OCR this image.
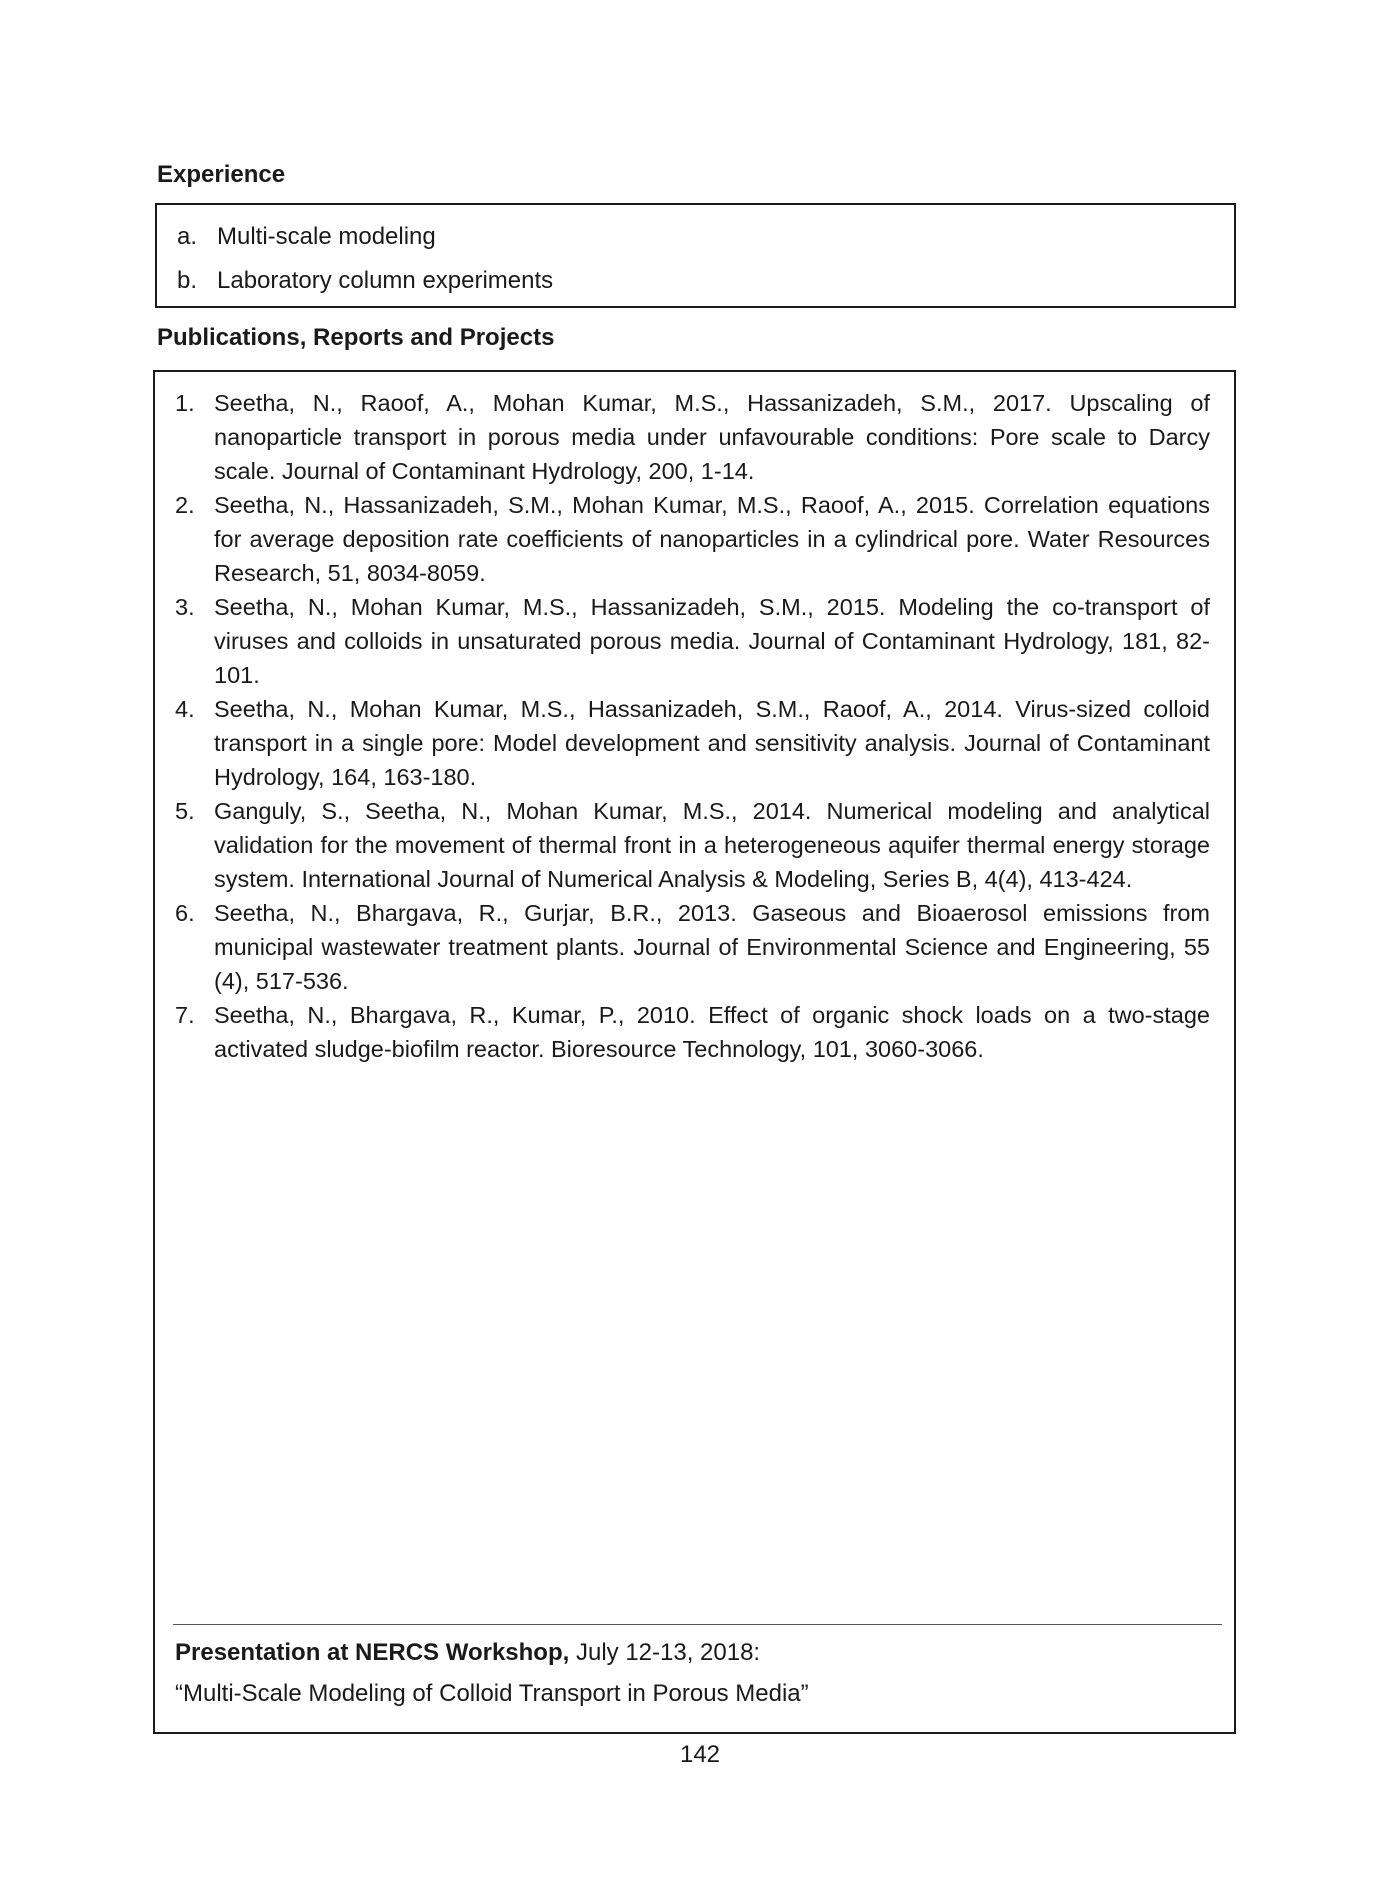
Experience
a. Multi-scale modeling
b. Laboratory column experiments
Publications, Reports and Projects
1. Seetha, N., Raoof, A., Mohan Kumar, M.S., Hassanizadeh, S.M., 2017. Upscaling of nanoparticle transport in porous media under unfavourable conditions: Pore scale to Darcy scale. Journal of Contaminant Hydrology, 200, 1-14.
2. Seetha, N., Hassanizadeh, S.M., Mohan Kumar, M.S., Raoof, A., 2015. Correlation equations for average deposition rate coefficients of nanoparticles in a cylindrical pore. Water Resources Research, 51, 8034-8059.
3. Seetha, N., Mohan Kumar, M.S., Hassanizadeh, S.M., 2015. Modeling the co-transport of viruses and colloids in unsaturated porous media. Journal of Contaminant Hydrology, 181, 82-101.
4. Seetha, N., Mohan Kumar, M.S., Hassanizadeh, S.M., Raoof, A., 2014. Virus-sized colloid transport in a single pore: Model development and sensitivity analysis. Journal of Contaminant Hydrology, 164, 163-180.
5. Ganguly, S., Seetha, N., Mohan Kumar, M.S., 2014. Numerical modeling and analytical validation for the movement of thermal front in a heterogeneous aquifer thermal energy storage system. International Journal of Numerical Analysis & Modeling, Series B, 4(4), 413-424.
6. Seetha, N., Bhargava, R., Gurjar, B.R., 2013. Gaseous and Bioaerosol emissions from municipal wastewater treatment plants. Journal of Environmental Science and Engineering, 55 (4), 517-536.
7. Seetha, N., Bhargava, R., Kumar, P., 2010. Effect of organic shock loads on a two-stage activated sludge-biofilm reactor. Bioresource Technology, 101, 3060-3066.
Presentation at NERCS Workshop, July 12-13, 2018:
“Multi-Scale Modeling of Colloid Transport in Porous Media”
142
